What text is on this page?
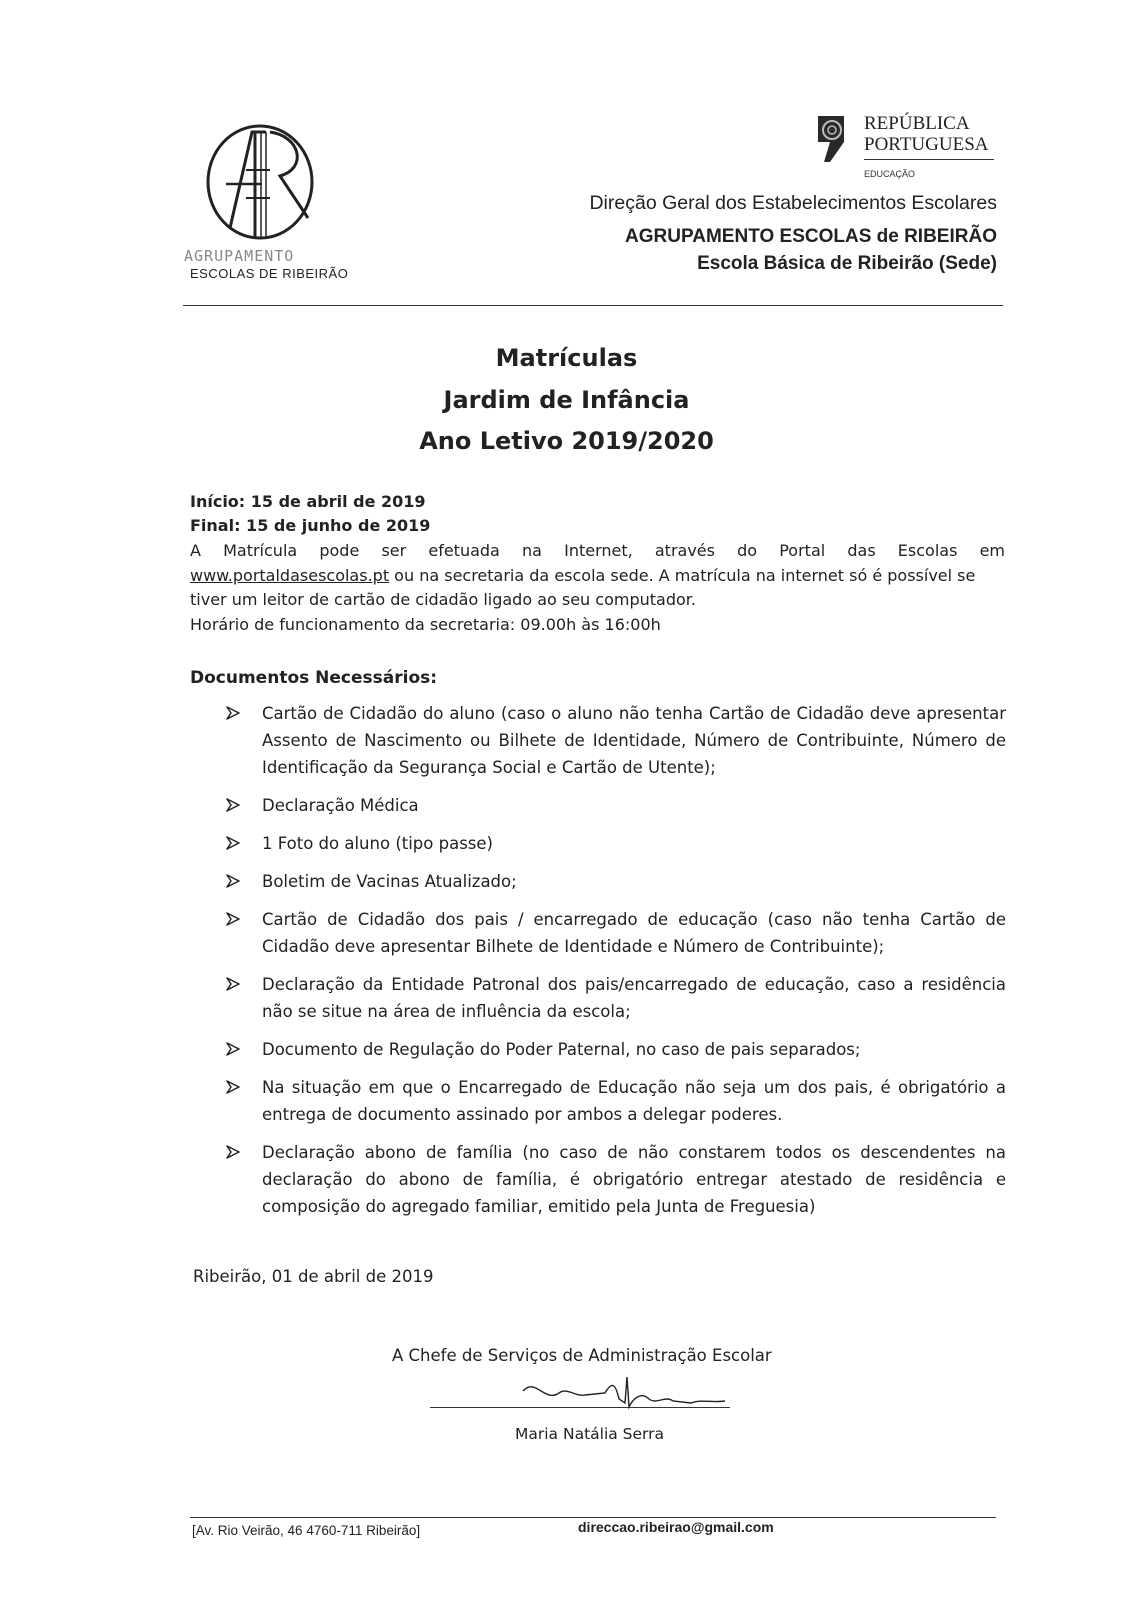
AGRUPAMENTO
ESCOLAS DE RIBEIRÃO
REPÚBLICA
PORTUGUESA
EDUCAÇÃO
Direção Geral dos Estabelecimentos Escolares
AGRUPAMENTO ESCOLAS de RIBEIRÃO
Escola Básica de Ribeirão (Sede)
Matrículas
Jardim de Infância
Ano Letivo 2019/2020
Início: 15 de abril de 2019
Final: 15 de junho de 2019
A Matrícula pode ser efetuada na Internet, através do Portal das Escolas em
www.portaldasescolas.pt ou na secretaria da escola sede. A matrícula na internet só é possível se
tiver um leitor de cartão de cidadão ligado ao seu computador.
Horário de funcionamento da secretaria: 09.00h às 16:00h
Documentos Necessários:
Cartão de Cidadão do aluno (caso o aluno não tenha Cartão de Cidadão deve apresentar Assento de Nascimento ou Bilhete de Identidade, Número de Contribuinte, Número de Identificação da Segurança Social e Cartão de Utente);
Declaração Médica
1 Foto do aluno (tipo passe)
Boletim de Vacinas Atualizado;
Cartão de Cidadão dos pais / encarregado de educação (caso não tenha Cartão de Cidadão deve apresentar Bilhete de Identidade e Número de Contribuinte);
Declaração da Entidade Patronal dos pais/encarregado de educação, caso a residência não se situe na área de influência da escola;
Documento de Regulação do Poder Paternal, no caso de pais separados;
Na situação em que o Encarregado de Educação não seja um dos pais, é obrigatório a entrega de documento assinado por ambos a delegar poderes.
Declaração abono de família (no caso de não constarem todos os descendentes na declaração do abono de família, é obrigatório entregar atestado de residência e composição do agregado familiar, emitido pela Junta de Freguesia)
Ribeirão, 01 de abril de 2019
A Chefe de Serviços de Administração Escolar
Maria Natália Serra
[Av. Rio Veirão, 46 4760-711 Ribeirão]	direccao.ribeirao@gmail.com
